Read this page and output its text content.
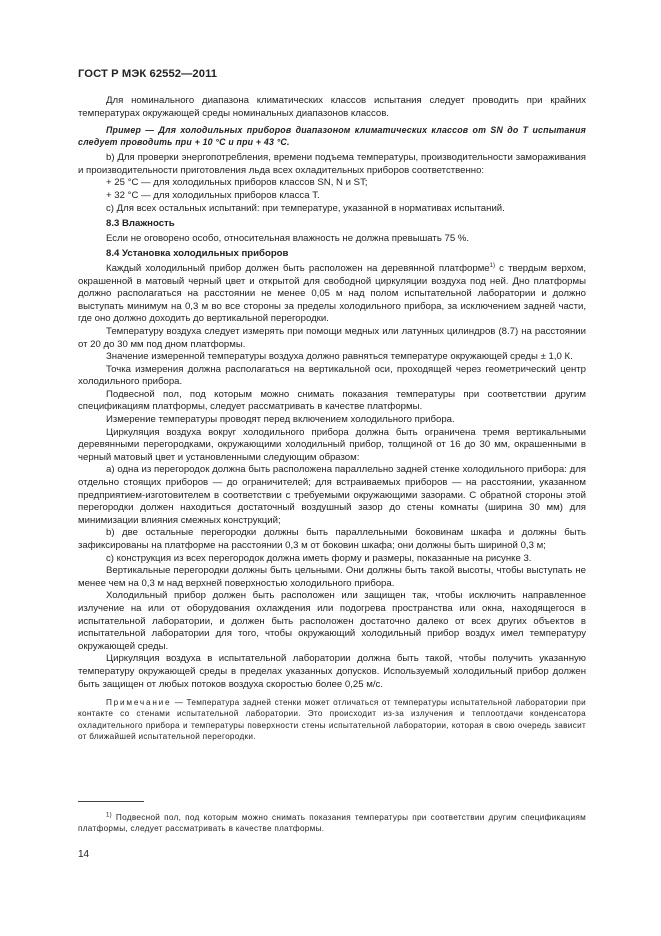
ГОСТ Р МЭК 62552—2011

Для номинального диапазона климатических классов испытания следует проводить при крайних температурах окружающей среды номинальных диапазонов классов.

Пример — Для холодильных приборов диапазоном климатических классов от SN до Т испытания следует проводить при + 10 °С и при + 43 °С.

b) Для проверки энергопотребления, времени подъема температуры, производительности замораживания и производительности приготовления льда всех охладительных приборов соответственно:

+ 25 °С — для холодильных приборов классов SN, N и ST;

+ 32 °С — для холодильных приборов класса Т.

c) Для всех остальных испытаний: при температуре, указанной в нормативах испытаний.

8.3 Влажность

Если не оговорено особо, относительная влажность не должна превышать 75 %.

8.4 Установка холодильных приборов

Каждый холодильный прибор должен быть расположен на деревянной платформе$^{1)}$ с твердым верхом, окрашенной в матовый черный цвет и открытой для свободной циркуляции воздуха под ней. Дно платформы должно располагаться на расстоянии не менее 0,05 м над полом испытательной лаборатории и должно выступать минимум на 0,3 м во все стороны за пределы холодильного прибора, за исключением задней части, где оно должно доходить до вертикальной перегородки.

Температуру воздуха следует измерять при помощи медных или латунных цилиндров (8.7) на расстоянии от 20 до 30 мм под дном платформы.

Значение измеренной температуры воздуха должно равняться температуре окружающей среды ± 1,0 К.

Точка измерения должна располагаться на вертикальной оси, проходящей через геометрический центр холодильного прибора.

Подвесной пол, под которым можно снимать показания температуры при соответствии другим спецификациям платформы, следует рассматривать в качестве платформы.

Измерение температуры проводят перед включением холодильного прибора.

Циркуляция воздуха вокруг холодильного прибора должна быть ограничена тремя вертикальными деревянными перегородками, окружающими холодильный прибор, толщиной от 16 до 30 мм, окрашенными в черный матовый цвет и установленными следующим образом:

a) одна из перегородок должна быть расположена параллельно задней стенке холодильного прибора: для отдельно стоящих приборов — до ограничителей; для встраиваемых приборов — на расстоянии, указанном предприятием-изготовителем в соответствии с требуемыми окружающими зазорами. С обратной стороны этой перегородки должен находиться достаточный воздушный зазор до стены комнаты (ширина 30 мм) для минимизации влияния смежных конструкций;

b) две остальные перегородки должны быть параллельными боковинам шкафа и должны быть зафиксированы на платформе на расстоянии 0,3 м от боковин шкафа; они должны быть шириной 0,3 м;

c) конструкция из всех перегородок должна иметь форму и размеры, показанные на рисунке 3.

Вертикальные перегородки должны быть цельными. Они должны быть такой высоты, чтобы выступать не менее чем на 0,3 м над верхней поверхностью холодильного прибора.

Холодильный прибор должен быть расположен или защищен так, чтобы исключить направленное излучение на или от оборудования охлаждения или подогрева пространства или окна, находящегося в испытательной лаборатории, и должен быть расположен достаточно далеко от всех других объектов в испытательной лаборатории для того, чтобы окружающий холодильный прибор воздух имел температуру окружающей среды.

Циркуляция воздуха в испытательной лаборатории должна быть такой, чтобы получить указанную температуру окружающей среды в пределах указанных допусков. Используемый холодильный прибор должен быть защищен от любых потоков воздуха скоростью более 0,25 м/с.

Примечание — Температура задней стенки может отличаться от температуры испытательной лаборатории при контакте со стенами испытательной лаборатории. Это происходит из-за излучения и теплоотдачи конденсатора охладительного прибора и температуры поверхности стены испытательной лаборатории, которая в свою очередь зависит от ближайшей испытательной перегородки.

$^{1)}$ Подвесной пол, под которым можно снимать показания температуры при соответствии другим спецификациям платформы, следует рассматривать в качестве платформы.

14
